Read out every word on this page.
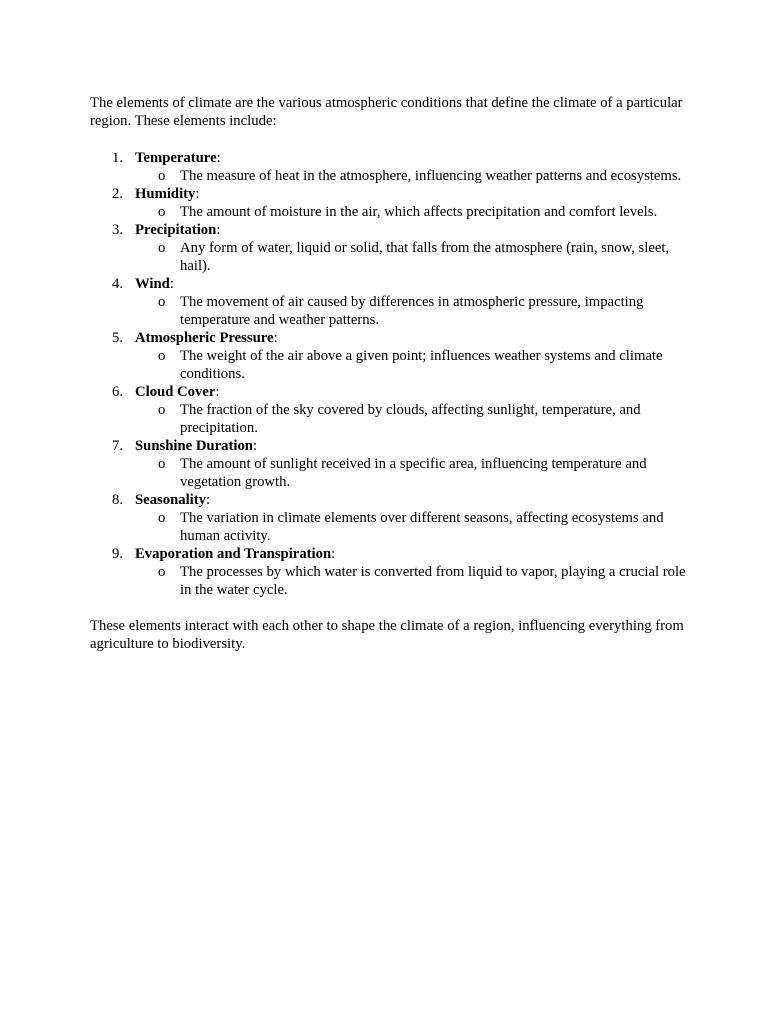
The elements of climate are the various atmospheric conditions that define the climate of a particular region. These elements include:

1. Temperature:
o The measure of heat in the atmosphere, influencing weather patterns and ecosystems.
2. Humidity:
o The amount of moisture in the air, which affects precipitation and comfort levels.
3. Precipitation:
o Any form of water, liquid or solid, that falls from the atmosphere (rain, snow, sleet, hail).
4. Wind:
o The movement of air caused by differences in atmospheric pressure, impacting temperature and weather patterns.
5. Atmospheric Pressure:
o The weight of the air above a given point; influences weather systems and climate conditions.
6. Cloud Cover:
o The fraction of the sky covered by clouds, affecting sunlight, temperature, and precipitation.
7. Sunshine Duration:
o The amount of sunlight received in a specific area, influencing temperature and vegetation growth.
8. Seasonality:
o The variation in climate elements over different seasons, affecting ecosystems and human activity.
9. Evaporation and Transpiration:
o The processes by which water is converted from liquid to vapor, playing a crucial role in the water cycle.

These elements interact with each other to shape the climate of a region, influencing everything from agriculture to biodiversity.
